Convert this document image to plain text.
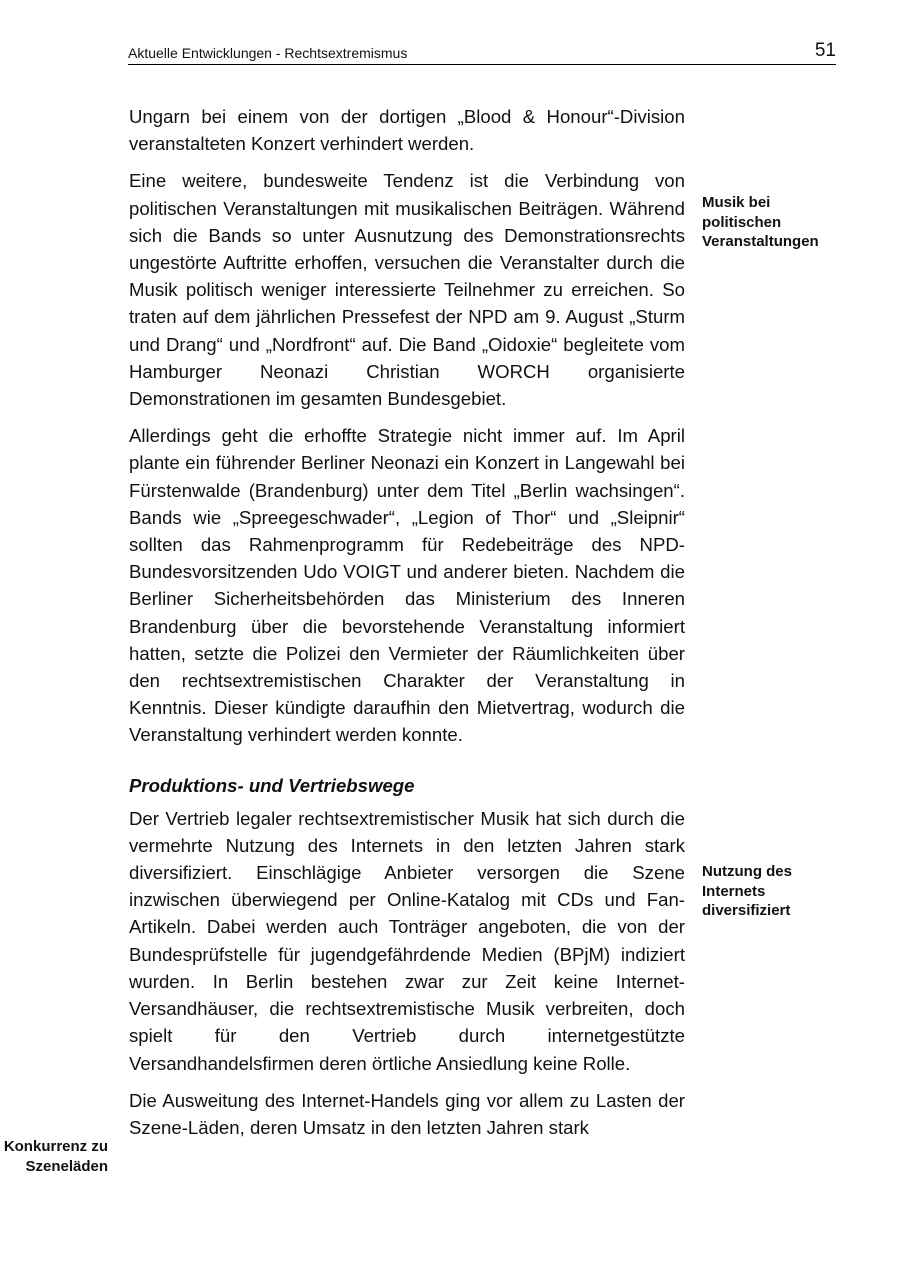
Aktuelle Entwicklungen - Rechtsextremismus	51

Ungarn bei einem von der dortigen „Blood & Honour“-Division veranstalteten Konzert verhindert werden.

Eine weitere, bundesweite Tendenz ist die Verbindung von politischen Veranstaltungen mit musikalischen Beiträgen. Während sich die Bands so unter Ausnutzung des Demonstrationsrechts ungestörte Auftritte erhoffen, versuchen die Veranstalter durch die Musik politisch weniger interessierte Teilnehmer zu erreichen. So traten auf dem jährlichen Pressefest der NPD am 9. August „Sturm und Drang“ und „Nordfront“ auf. Die Band „Oidoxie“ begleitete vom Hamburger Neonazi Christian WORCH organisierte Demonstrationen im gesamten Bundesgebiet.

Allerdings geht die erhoffte Strategie nicht immer auf. Im April plante ein führender Berliner Neonazi ein Konzert in Langewahl bei Fürstenwalde (Brandenburg) unter dem Titel „Berlin wachsingen“. Bands wie „Spreegeschwader“, „Legion of Thor“ und „Sleipnir“ sollten das Rahmenprogramm für Redebeiträge des NPD-Bundesvorsitzenden Udo VOIGT und anderer bieten. Nachdem die Berliner Sicherheitsbehörden das Ministerium des Inneren Brandenburg über die bevorstehende Veranstaltung informiert hatten, setzte die Polizei den Vermieter der Räumlichkeiten über den rechtsextremistischen Charakter der Veranstaltung in Kenntnis. Dieser kündigte daraufhin den Mietvertrag, wodurch die Veranstaltung verhindert werden konnte.

Produktions- und Vertriebswege

Der Vertrieb legaler rechtsextremistischer Musik hat sich durch die vermehrte Nutzung des Internets in den letzten Jahren stark diversifiziert. Einschlägige Anbieter versorgen die Szene inzwischen überwiegend per Online-Katalog mit CDs und Fan-Artikeln. Dabei werden auch Tonträger angeboten, die von der Bundesprüfstelle für jugendgefährdende Medien (BPjM) indiziert wurden. In Berlin bestehen zwar zur Zeit keine Internet-Versandhäuser, die rechtsextremistische Musik verbreiten, doch spielt für den Vertrieb durch internetgestützte Versandhandelsfirmen deren örtliche Ansiedlung keine Rolle.

Die Ausweitung des Internet-Handels ging vor allem zu Lasten der Szene-Läden, deren Umsatz in den letzten Jahren stark

Musik bei
politischen
Veranstaltungen
Nutzung des
Internets
diversifiziert
Konkurrenz zu
Szeneläden
